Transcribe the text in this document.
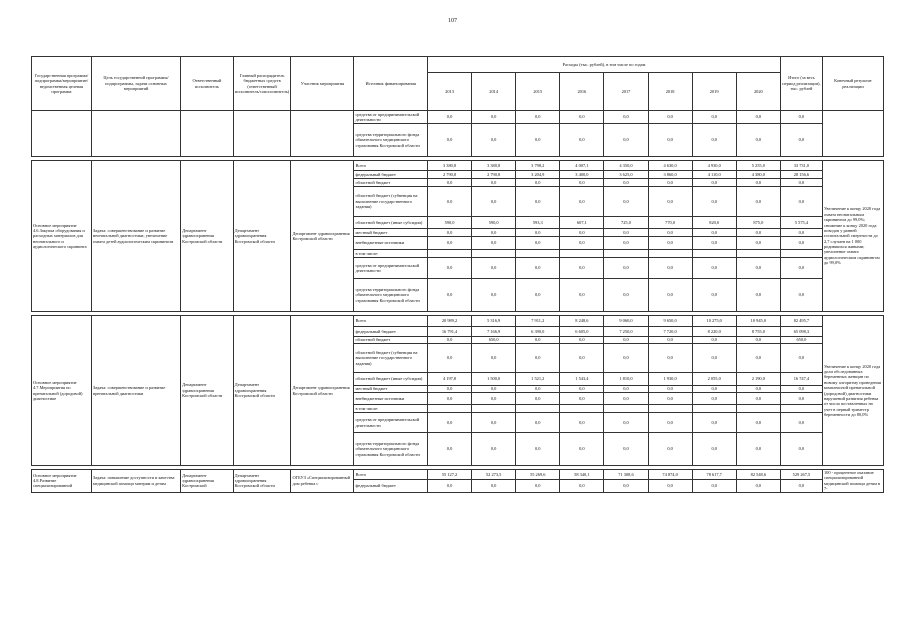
107
Государственная программа/подпрограмма/мероприятие/ведомственная целевая программа	Цель государственной программы/подпрограммы, задачи основных мероприятий	Ответственный исполнитель	Главный распорядитель бюджетных средств (ответственный исполнитель/соисполнитель)	Участник мероприятия	Источник финансирования	Расходы (тыс. рублей), в том числе по годам								Итого (за весь период реализации), тыс. рублей	Конечный результат реализации
						2013	2014	2015	2016	2017	2018	2019	2020		
					средства от предпринимательской деятельности	0,0	0,0	0,0	0,0	0,0	0,0	0,0	0,0	0,0	
					средства территориального фонда обязательного медицинского страхования Костромской области	0,0	0,0	0,0	0,0	0,0	0,0	0,0	0,0	0,0	

Основное мероприятие 4.6.Закупка оборудования и расходных материалов для неонатального и аудиологического скрининга	Задача: совершенствование и развитие неонатальной диагностики; увеличение охвата детей аудиологическим скринингом	Департамент здравоохранения Костромской области	Департамент здравоохранения Костромской области	Департамент здравоохранения Костромской области	Всего	3 380,8	3 380,8	3 798,2	4 007,1	4 350,0	4 630,0	4 930,0	5 255,0	33 731,0	Увеличение к концу 2020 года охвата неонатальным скринингом до 99,0%; снижение к концу 2020 года поводов у ранней госпитальной смертности до 2,7 случаев на 1 000 родившихся живыми; увеличение охвата аудиологическим скринингом до 99,0%
					федеральный бюджет	2 790,8	2 790,8	3 204,9	3 400,0	3 625,0	3 860,0	4 110,0	4 380,0	28 156,6	
					областной бюджет	0,0	0,0	0,0	0,0	0,0	0,0	0,0	0,0	0,0	
					областной бюджет (субвенция на выполнение государственного задания)	0,0	0,0	0,0	0,0	0,0	0,0	0,0	0,0	0,0	
					областной бюджет (иные субсидии)	590,0	590,0	593,3	607,1	725,0	770,0	820,0	875,0	5 575,4	
					местный бюджет	0,0	0,0	0,0	0,0	0,0	0,0	0,0	0,0	0,0	
					внебюджетные источники	0,0	0,0	0,0	0,0	0,0	0,0	0,0	0,0	0,0	
					в том числе:										
					средства от предпринимательской деятельности	0,0	0,0	0,0	0,0	0,0	0,0	0,0	0,0	0,0	
					средства территориального фонда обязательного медицинского страхования Костромской области	0,0	0,0	0,0	0,0	0,0	0,0	0,0	0,0	0,0	

Основное мероприятие 4.7.Мероприятия по пренатальной (дородовой) диагностике	Задача: совершенствование и развитие пренатальной диагностики	Департамент здравоохранения Костромской области	Департамент здравоохранения Костромской области	Департамент здравоохранения Костромской области	Всего	20 989,2	5 316,9	7 911,2	8 248,6	9 060,0	9 650,0	10 275,0	10 945,0	82 495,7	Увеличение к концу 2020 года доли обследованных беременных женщин по новому алгоритму проведения комплексной пренатальной (дородовой) диагностики нарушений развития ребенка от числа поставленных на учет в первый триместр беременности до 80,0%
					федеральный бюджет	16 791,4	7 166,9	6 390,0	6 605,0	7 250,0	7 720,0	8 220,0	8 755,0	65 098,3	
					областной бюджет	0,0	650,0	0,0	0,0	0,0	0,0	0,0	0,0	650,0	
					областной бюджет (субвенция на выполнение государственного задания)	0,0	0,0	0,0	0,0	0,0	0,0	0,0	0,0	0,0	
					областной бюджет (иные субсидии)	4 197,8	1 500,0	1 521,2	1 543,4	1 810,0	1 930,0	2 055,0	2 190,0	16 747,4	
					местный бюджет	0,0	0,0	0,0	0,0	0,0	0,0	0,0	0,0	0,0	
					внебюджетные источники	0,0	0,0	0,0	0,0	0,0	0,0	0,0	0,0	0,0	
					в том числе:										
					средства от предпринимательской деятельности	0,0	0,0	0,0	0,0	0,0	0,0	0,0	0,0	0,0	
					средства территориального фонда обязательного медицинского страхования Костромской области	0,0	0,0	0,0	0,0	0,0	0,0	0,0	0,0	0,0	

Основное мероприятие 4.8.Развитие специализированной	Задача: повышение доступности и качества медицинской помощи матерям и детям	Департамент здравоохранения Костромской	Департамент здравоохранения Костромской области	ОГБУЗ «Специализированный дом ребенка с	Всего	55 127,2	52 273,5	55 269,6	58 340,1	71 308,6	74 874,0	78 617,7	82 548,6	529 267,5	100 - процентное оказание специализированной медицинской помощи детям в 7-
					федеральный бюджет	0,0	0,0	0,0	0,0	0,0	0,0	0,0	0,0	0,0	
